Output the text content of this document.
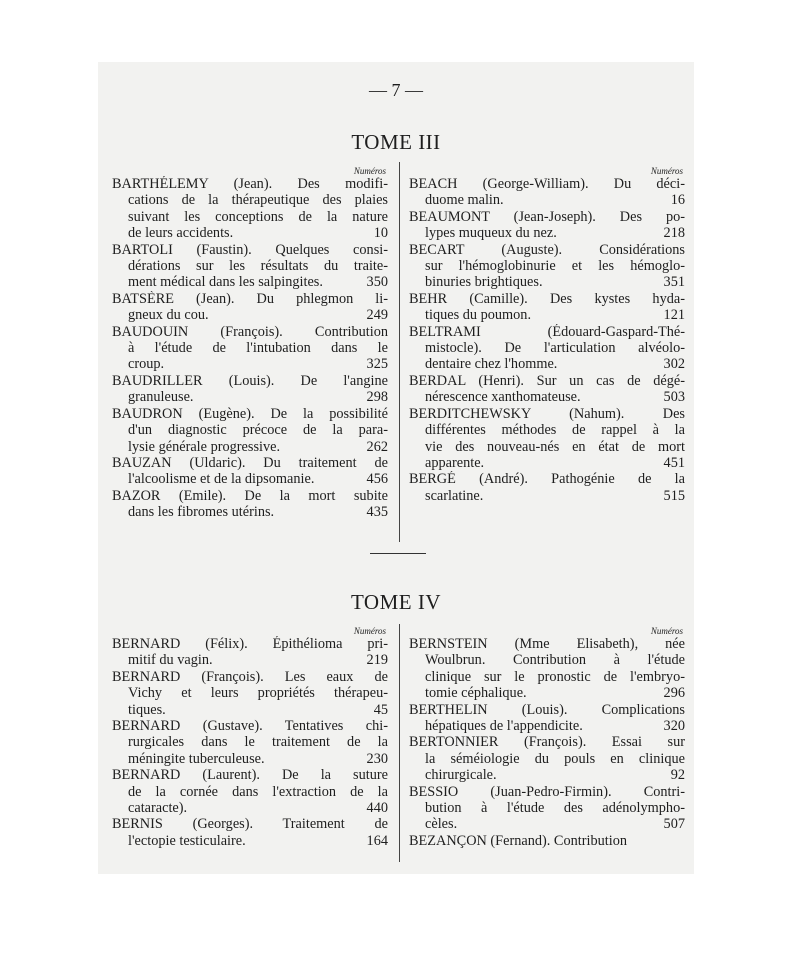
— 7 —
TOME III
Numéros
BARTHÉLEMY (Jean). Des modifi-
cations de la thérapeutique des plaies
suivant les conceptions de la nature
de leurs accidents.	10
BARTOLI (Faustin). Quelques consi-
dérations sur les résultats du traite-
ment médical dans les salpingites.	350
BATSÈRE (Jean). Du phlegmon li-
gneux du cou.	249
BAUDOUIN (François). Contribution
à l'étude de l'intubation dans le
croup.	325
BAUDRILLER (Louis). De l'angine
granuleuse.	298
BAUDRON (Eugène). De la possibilité
d'un diagnostic précoce de la para-
lysie générale progressive.	262
BAUZAN (Uldaric). Du traitement de
l'alcoolisme et de la dipsomanie.	456
BAZOR (Emile). De la mort subite
dans les fibromes utérins.	435
Numéros
BEACH (George-William). Du déci-
duome malin.	16
BEAUMONT (Jean-Joseph). Des po-
lypes muqueux du nez.	218
BECART (Auguste). Considérations
sur l'hémoglobinurie et les hémoglo-
binuries brightiques.	351
BEHR (Camille). Des kystes hyda-
tiques du poumon.	121
BELTRAMI (Édouard-Gaspard-Thé-
mistocle). De l'articulation alvéolo-
dentaire chez l'homme.	302
BERDAL (Henri). Sur un cas de dégé-
nérescence xanthomateuse.	503
BERDITCHEWSKY (Nahum). Des
différentes méthodes de rappel à la
vie des nouveau-nés en état de mort
apparente.	451
BERGÉ (André). Pathogénie de la
scarlatine.	515
TOME IV
Numéros
BERNARD (Félix). Épithélioma pri-
mitif du vagin.	219
BERNARD (François). Les eaux de
Vichy et leurs propriétés thérapeu-
tiques.	45
BERNARD (Gustave). Tentatives chi-
rurgicales dans le traitement de la
méningite tuberculeuse.	230
BERNARD (Laurent). De la suture
de la cornée dans l'extraction de la
cataracte).	440
BERNIS (Georges). Traitement de
l'ectopie testiculaire.	164
Numéros
BERNSTEIN (Mme Elisabeth), née
Woulbrun. Contribution à l'étude
clinique sur le pronostic de l'embryo-
tomie céphalique.	296
BERTHELIN (Louis). Complications
hépatiques de l'appendicite.	320
BERTONNIER (François). Essai sur
la séméiologie du pouls en clinique
chirurgicale.	92
BESSIO (Juan-Pedro-Firmin). Contri-
bution à l'étude des adénolympho-
cèles.	507
BEZANÇON (Fernand). Contribution
